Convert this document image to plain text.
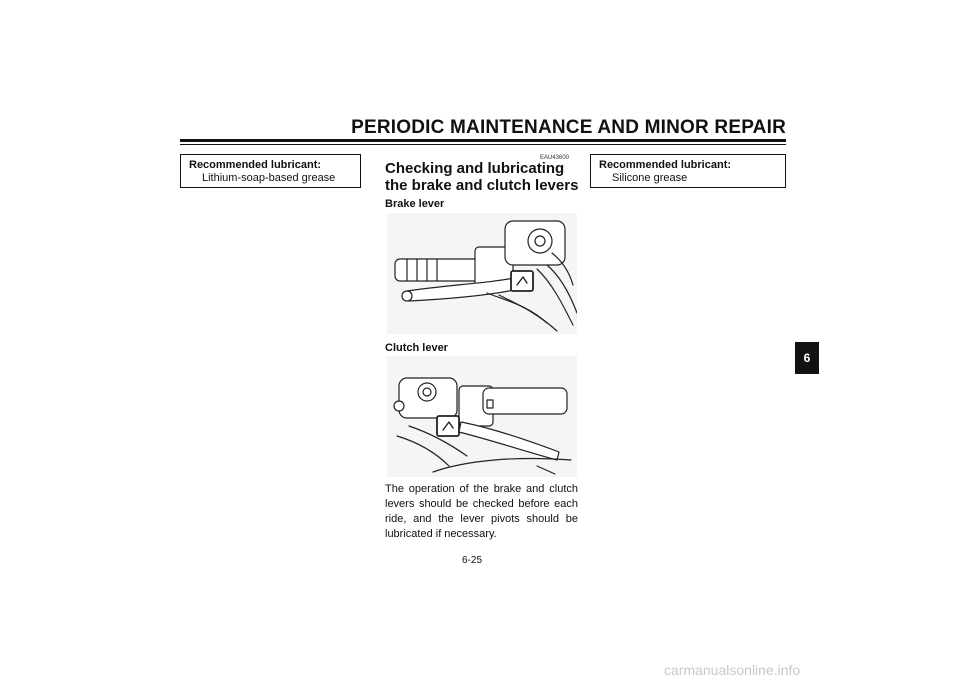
PERIODIC MAINTENANCE AND MINOR REPAIR
Recommended lubricant:
Lithium-soap-based grease
EAU43600
Checking and lubricating the brake and clutch levers
Brake lever
Clutch lever
The operation of the brake and clutch levers should be checked before each ride, and the lever pivots should be lubricated if necessary.
Recommended lubricant:
Silicone grease
6-25
6
carmanualsonline.info
